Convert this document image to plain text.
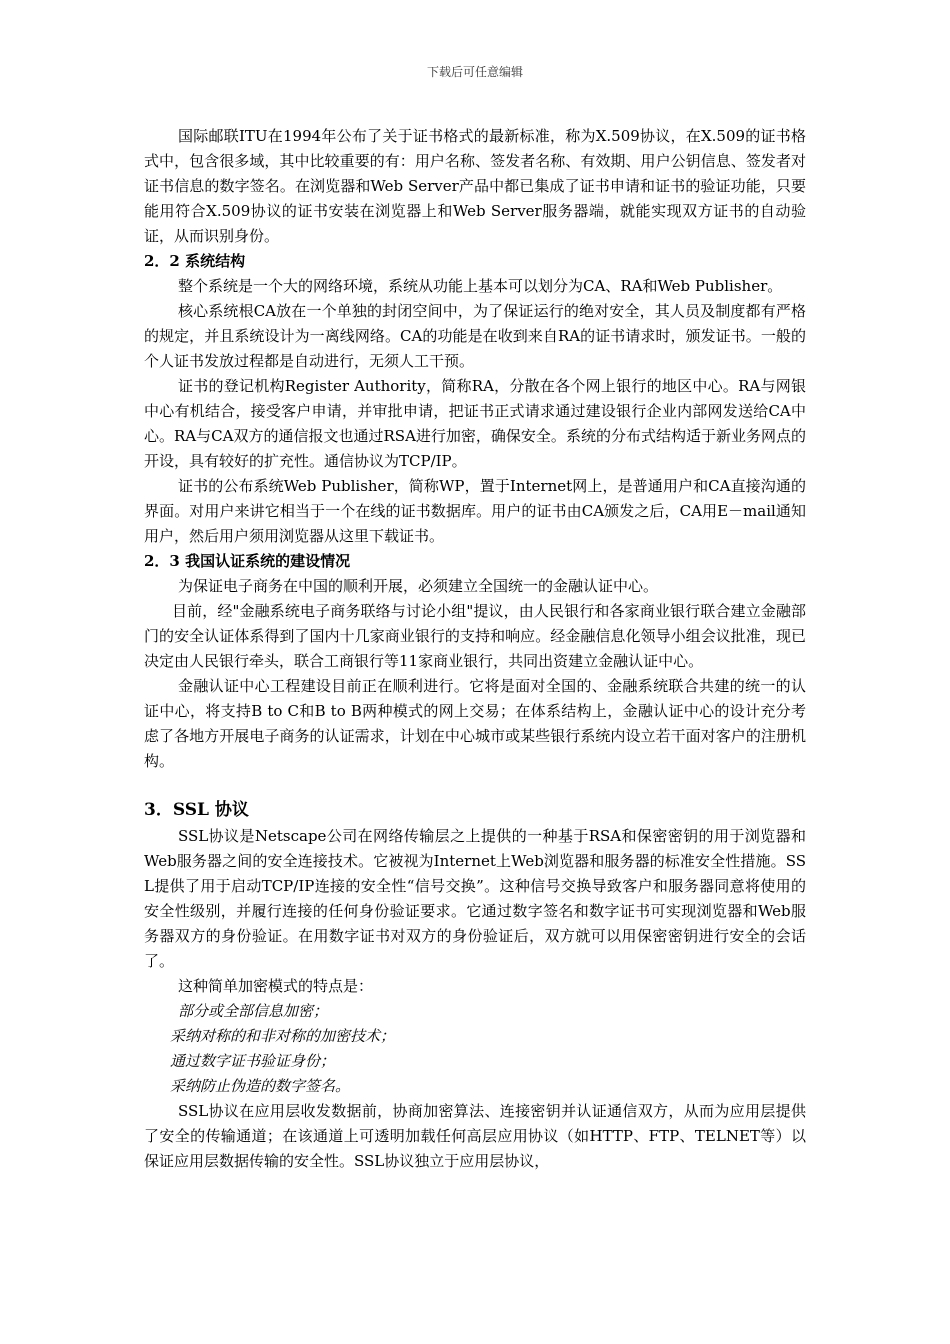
下载后可任意编辑

国际邮联ITU在1994年公布了关于证书格式的最新标准，称为X.509协议，在X.509的证书格式中，包含很多域，其中比较重要的有：用户名称、签发者名称、有效期、用户公钥信息、签发者对证书信息的数字签名。在浏览器和Web Server产品中都已集成了证书申请和证书的验证功能，只要能用符合X.509协议的证书安装在浏览器上和Web Server服务器端，就能实现双方证书的自动验证，从而识别身份。

2．2 系统结构

整个系统是一个大的网络环境，系统从功能上基本可以划分为CA、RA和Web Publisher。

核心系统根CA放在一个单独的封闭空间中，为了保证运行的绝对安全，其人员及制度都有严格的规定，并且系统设计为一离线网络。CA的功能是在收到来自RA的证书请求时，颁发证书。一般的个人证书发放过程都是自动进行，无须人工干预。

证书的登记机构Register Authority，简称RA，分散在各个网上银行的地区中心。RA与网银中心有机结合，接受客户申请，并审批申请，把证书正式请求通过建设银行企业内部网发送给CA中心。RA与CA双方的通信报文也通过RSA进行加密，确保安全。系统的分布式结构适于新业务网点的开设，具有较好的扩充性。通信协议为TCP/IP。

证书的公布系统Web Publisher，简称WP，置于Internet网上，是普通用户和CA直接沟通的界面。对用户来讲它相当于一个在线的证书数据库。用户的证书由CA颁发之后，CA用E－mail通知用户，然后用户须用浏览器从这里下载证书。

2．3 我国认证系统的建设情况

为保证电子商务在中国的顺利开展，必须建立全国统一的金融认证中心。

目前，经"金融系统电子商务联络与讨论小组"提议，由人民银行和各家商业银行联合建立金融部门的安全认证体系得到了国内十几家商业银行的支持和响应。经金融信息化领导小组会议批准，现已决定由人民银行牵头，联合工商银行等11家商业银行，共同出资建立金融认证中心。

金融认证中心工程建设目前正在顺利进行。它将是面对全国的、金融系统联合共建的统一的认证中心，将支持B to C和B to B两种模式的网上交易；在体系结构上，金融认证中心的设计充分考虑了各地方开展电子商务的认证需求，计划在中心城市或某些银行系统内设立若干面对客户的注册机构。

3．SSL 协议

SSL协议是Netscape公司在网络传输层之上提供的一种基于RSA和保密密钥的用于浏览器和Web服务器之间的安全连接技术。它被视为Internet上Web浏览器和服务器的标准安全性措施。SSL提供了用于启动TCP/IP连接的安全性“信号交换”。这种信号交换导致客户和服务器同意将使用的安全性级别，并履行连接的任何身份验证要求。它通过数字签名和数字证书可实现浏览器和Web服务器双方的身份验证。在用数字证书对双方的身份验证后，双方就可以用保密密钥进行安全的会话了。

这种简单加密模式的特点是：

部分或全部信息加密；

采纳对称的和非对称的加密技术；

通过数字证书验证身份；

采纳防止伪造的数字签名。

SSL协议在应用层收发数据前，协商加密算法、连接密钥并认证通信双方，从而为应用层提供了安全的传输通道；在该通道上可透明加载任何高层应用协议（如HTTP、FTP、TELNET等）以保证应用层数据传输的安全性。SSL协议独立于应用层协议，
